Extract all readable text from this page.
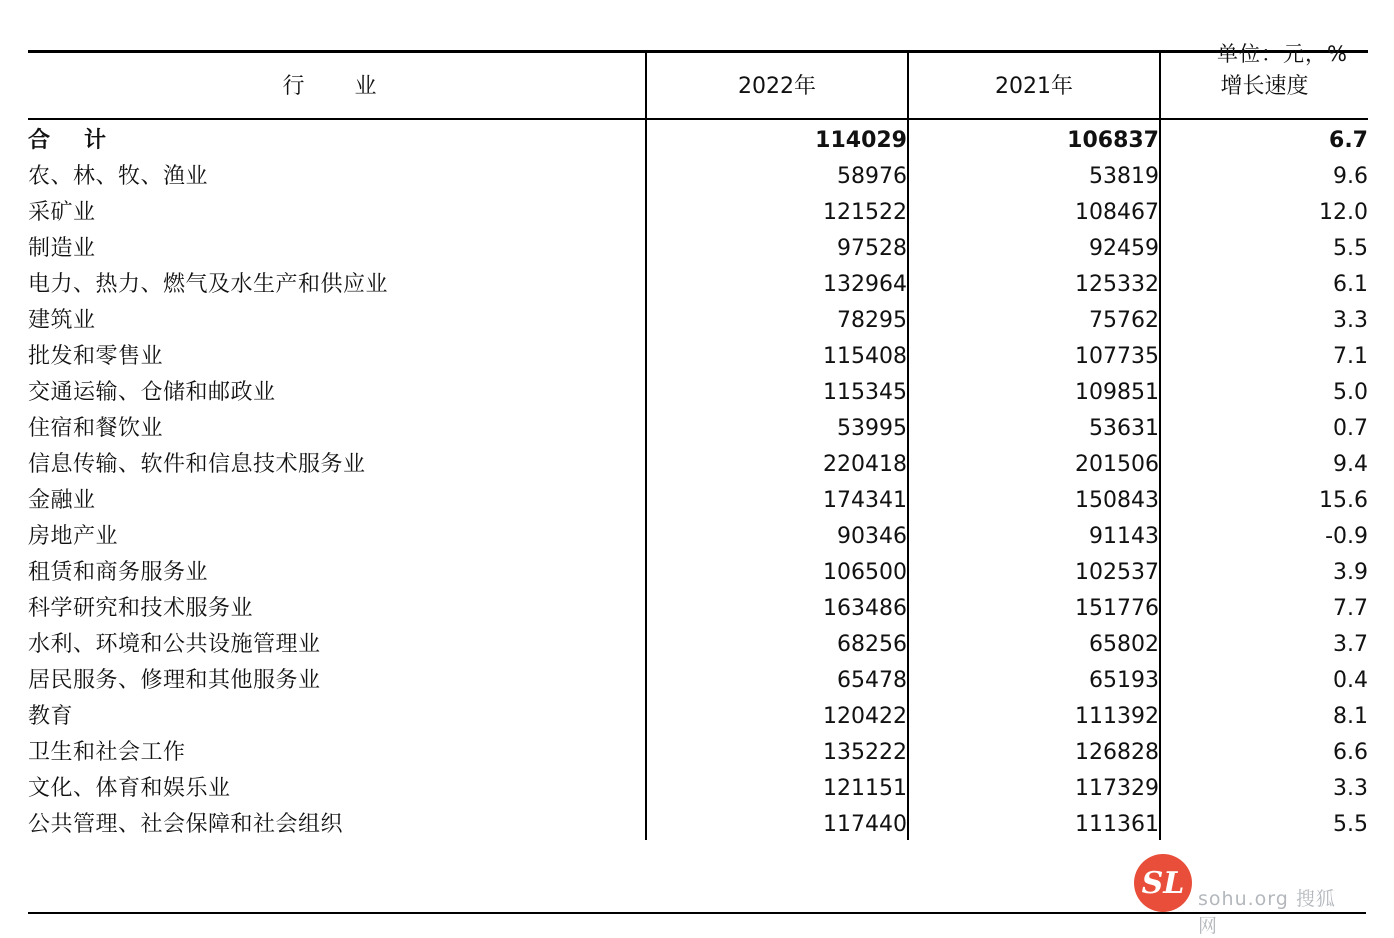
单位：元，%
行　业	2022年	2021年	增长速度
合　计	114029	106837	6.7
农、林、牧、渔业	58976	53819	9.6
采矿业	121522	108467	12.0
制造业	97528	92459	5.5
电力、热力、燃气及水生产和供应业	132964	125332	6.1
建筑业	78295	75762	3.3
批发和零售业	115408	107735	7.1
交通运输、仓储和邮政业	115345	109851	5.0
住宿和餐饮业	53995	53631	0.7
信息传输、软件和信息技术服务业	220418	201506	9.4
金融业	174341	150843	15.6
房地产业	90346	91143	-0.9
租赁和商务服务业	106500	102537	3.9
科学研究和技术服务业	163486	151776	7.7
水利、环境和公共设施管理业	68256	65802	3.7
居民服务、修理和其他服务业	65478	65193	0.4
教育	120422	111392	8.1
卫生和社会工作	135222	126828	6.6
文化、体育和娱乐业	121151	117329	3.3
公共管理、社会保障和社会组织	117440	111361	5.5
SL sohu.org 搜狐网
